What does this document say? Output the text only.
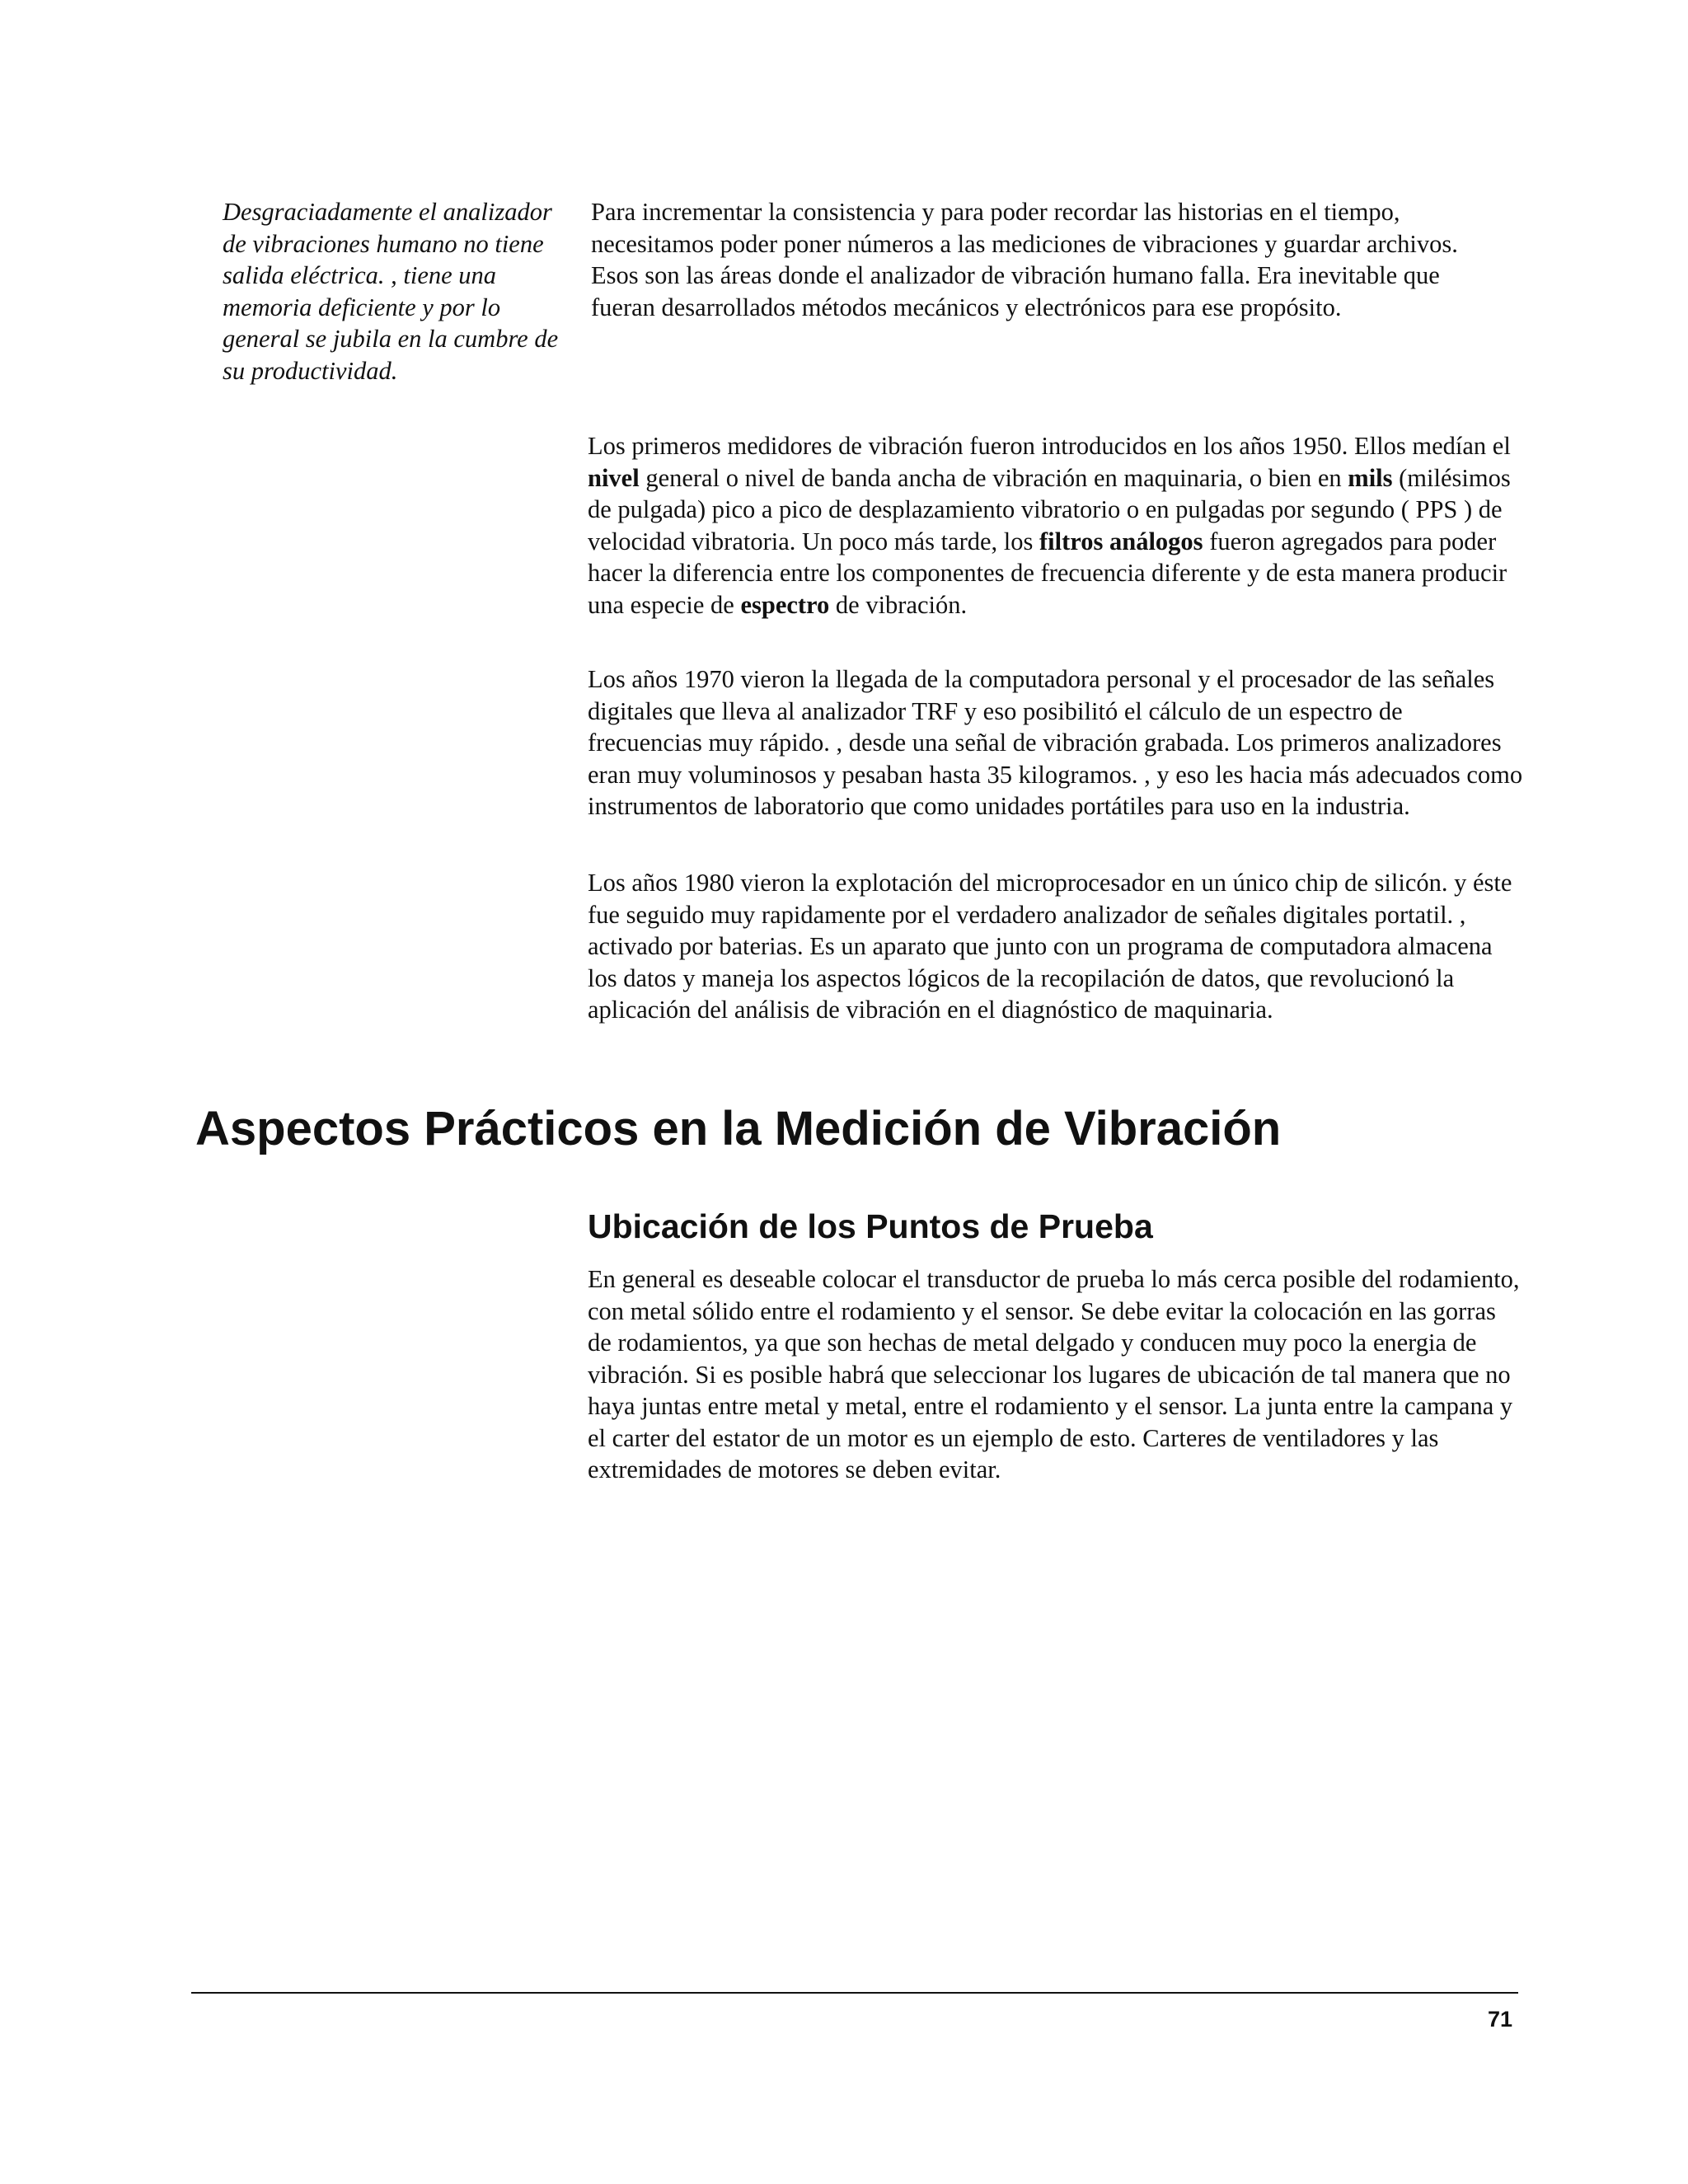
Desgraciadamente el analizador de vibraciones humano no tiene salida eléctrica. , tiene una memoria deficiente y por lo general se jubila en la cumbre de su productividad.

Para incrementar la consistencia y para poder recordar las historias en el tiempo, necesitamos poder poner números a las mediciones de vibraciones y guardar archivos. Esos son las áreas donde el analizador de vibración humano falla. Era inevitable que fueran desarrollados métodos mecánicos y electrónicos para ese propósito.

Los primeros medidores de vibración fueron introducidos en los años 1950. Ellos medían el nivel general o nivel de banda ancha de vibración en maquinaria, o bien en mils (milésimos de pulgada) pico a pico de desplazamiento vibratorio o en pulgadas por segundo ( PPS ) de velocidad vibratoria. Un poco más tarde, los filtros análogos fueron agregados para poder hacer la diferencia entre los componentes de frecuencia diferente y de esta manera producir una especie de espectro de vibración.

Los años 1970 vieron la llegada de la computadora personal y el procesador de las señales digitales que lleva al analizador TRF y eso posibilitó el cálculo de un espectro de frecuencias muy rápido. , desde una señal de vibración grabada. Los primeros analizadores eran muy voluminosos y pesaban hasta 35 kilogramos. , y eso les hacia más adecuados como instrumentos de laboratorio que como unidades portátiles para uso en la industria.

Los años 1980 vieron la explotación del microprocesador en un único chip de silicón. y éste fue seguido muy rapidamente por el verdadero analizador de señales digitales portatil. , activado por baterias. Es un aparato que junto con un programa de computadora almacena los datos y maneja los aspectos lógicos de la recopilación de datos, que revolucionó la aplicación del análisis de vibración en el diagnóstico de maquinaria.

Aspectos Prácticos en la Medición de Vibración
Ubicación de los Puntos de Prueba

En general es deseable colocar el transductor de prueba lo más cerca posible del rodamiento, con metal sólido entre el rodamiento y el sensor. Se debe evitar la colocación en las gorras de rodamientos, ya que son hechas de metal delgado y conducen muy poco la energia de vibración. Si es posible habrá que seleccionar los lugares de ubicación de tal manera que no haya juntas entre metal y metal, entre el rodamiento y el sensor. La junta entre la campana y el carter del estator de un motor es un ejemplo de esto. Carteres de ventiladores y las extremidades de motores se deben evitar.

71
